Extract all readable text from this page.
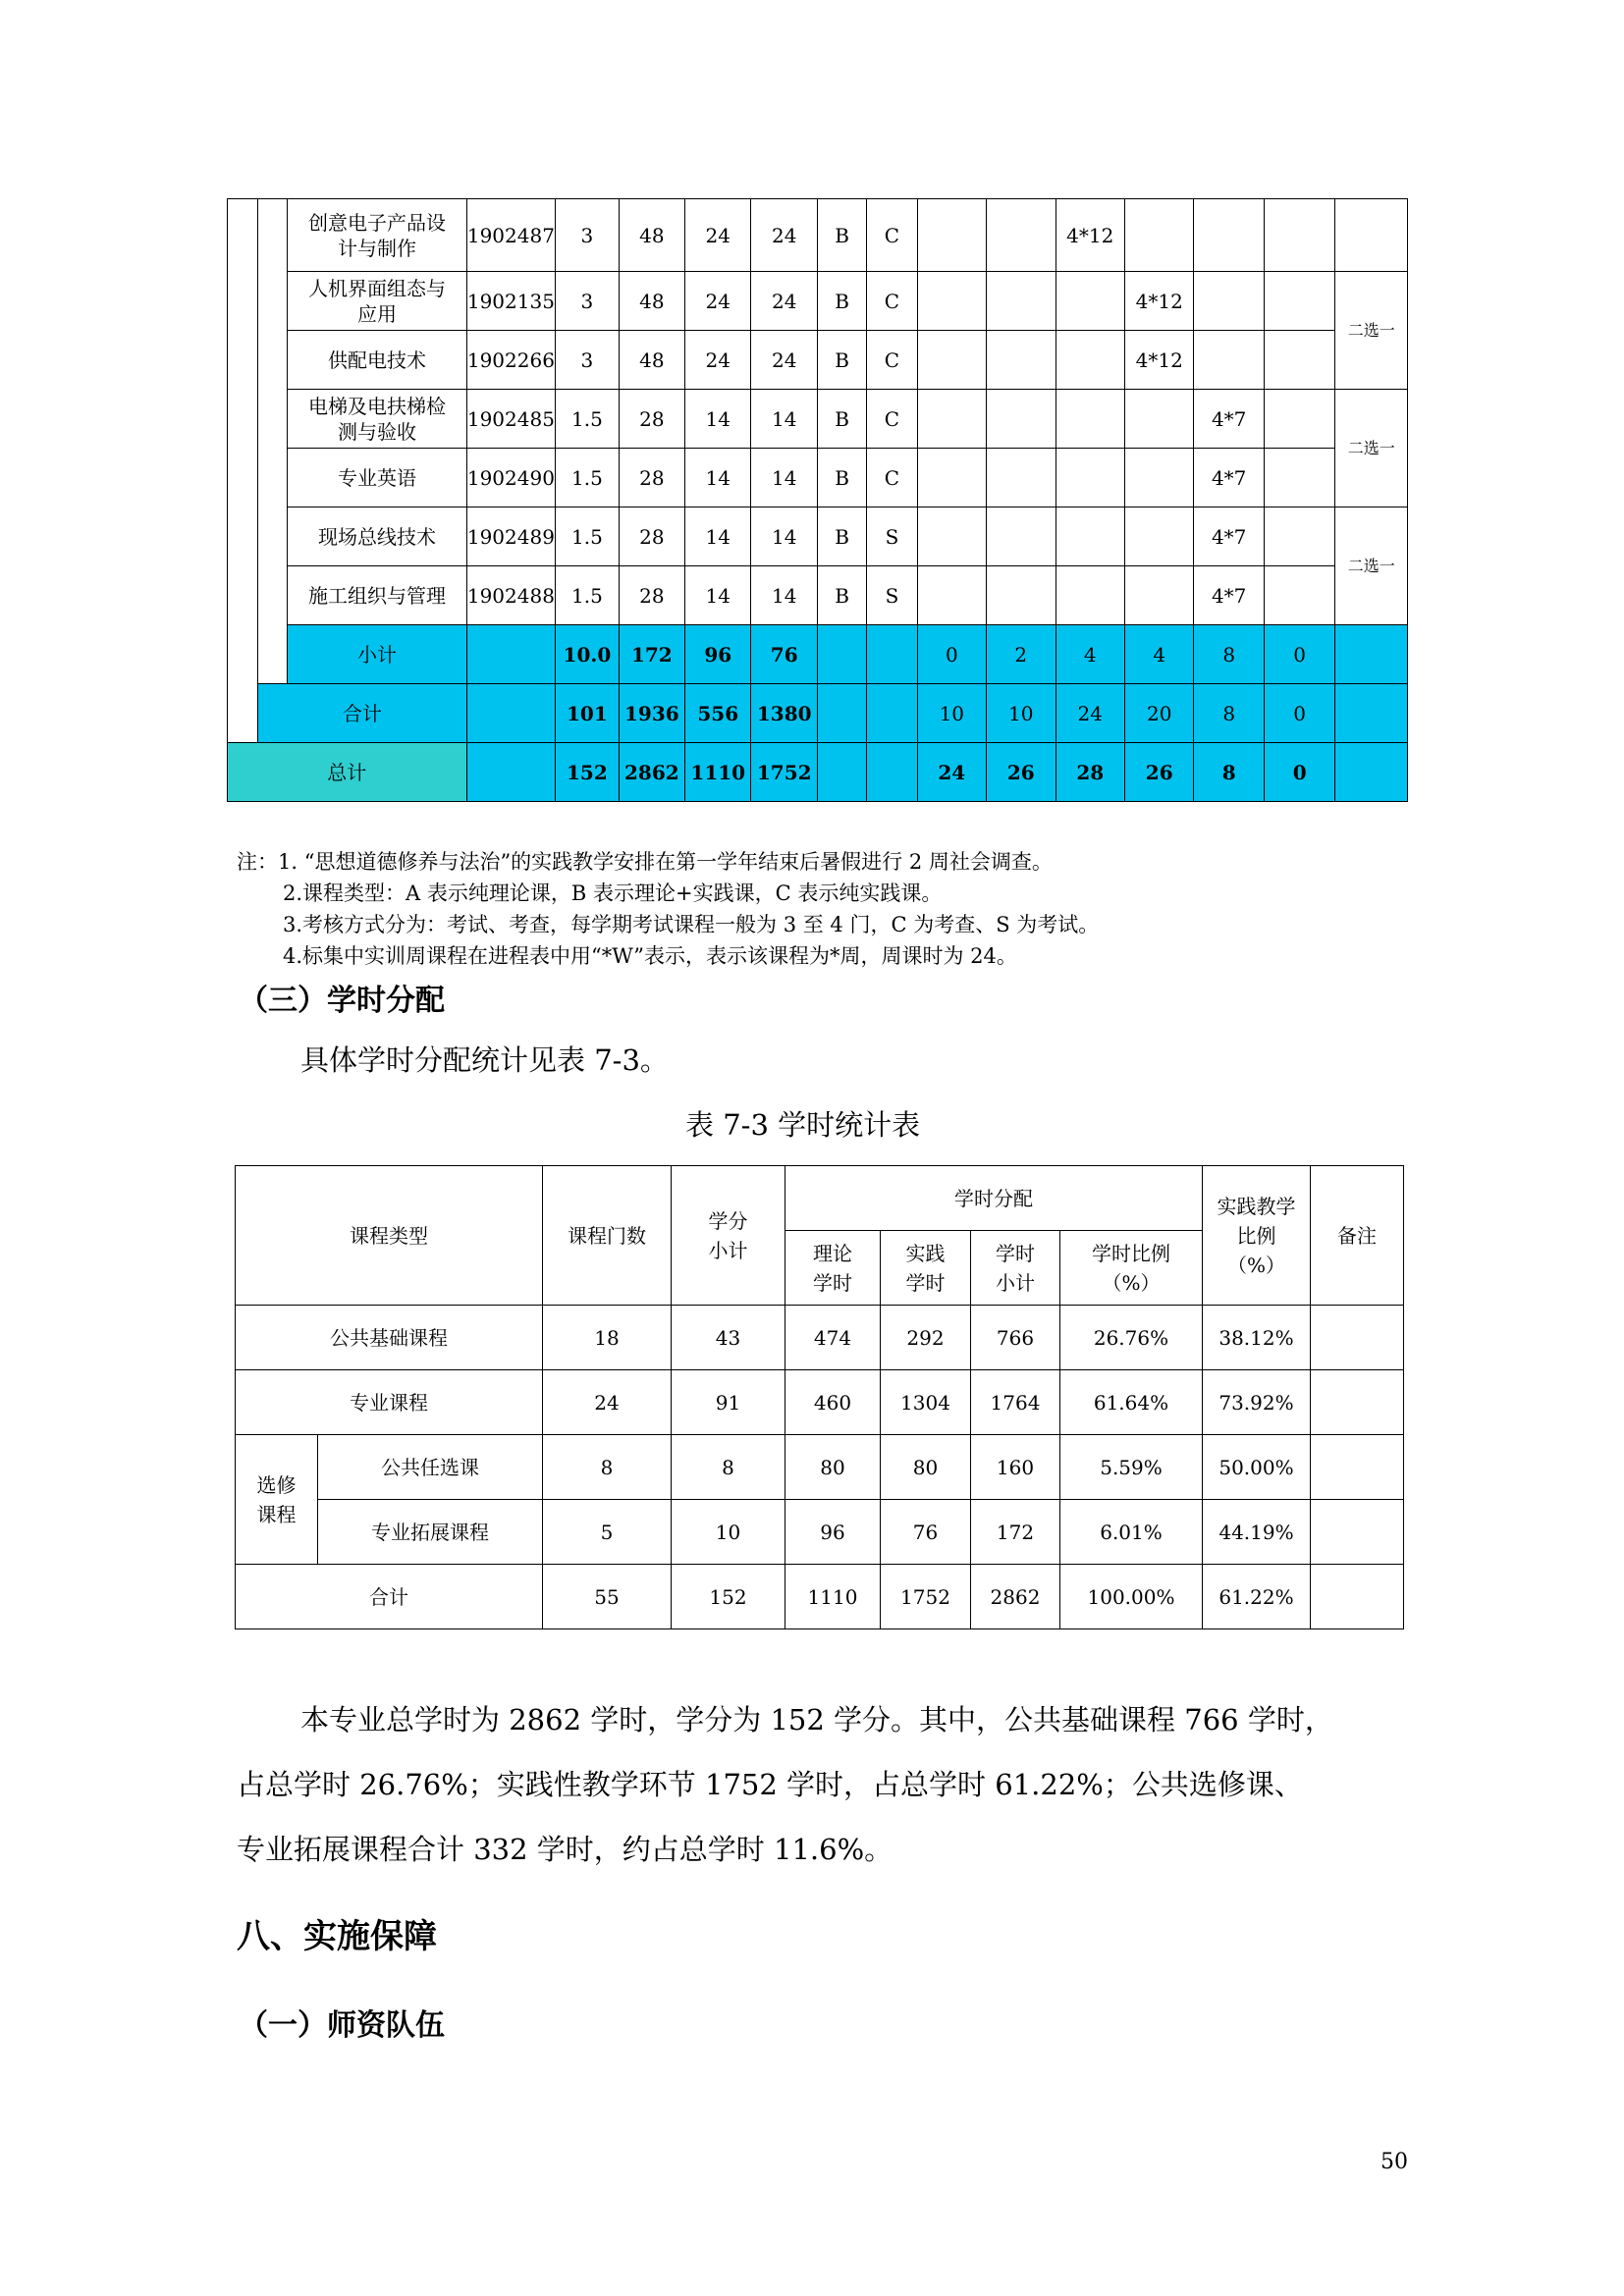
		创意电子产品设计与制作	1902487	3	48	24	24	B	C			4*12				
		人机界面组态与应用	1902135	3	48	24	24	B	C				4*12			二选一
		供配电技术	1902266	3	48	24	24	B	C				4*12			
		电梯及电扶梯检测与验收	1902485	1.5	28	14	14	B	C					4*7		二选一
		专业英语	1902490	1.5	28	14	14	B	C					4*7		
		现场总线技术	1902489	1.5	28	14	14	B	S					4*7		二选一
		施工组织与管理	1902488	1.5	28	14	14	B	S					4*7		
		小计		10.0	172	96	76			0	2	4	4	8	0	
	合计			101	1936	556	1380			10	10	24	20	8	0	
总计				152	2862	1110	1752			24	26	28	26	8	0	
注：1. “思想道德修养与法治”的实践教学安排在第一学年结束后暑假进行 2 周社会调查。
2.课程类型：A 表示纯理论课，B 表示理论+实践课，C 表示纯实践课。
3.考核方式分为：考试、考查，每学期考试课程一般为 3 至 4 门，C 为考查、S 为考试。
4.标集中实训周课程在进程表中用“*W”表示，表示该课程为*周，周课时为 24。
（三）学时分配
具体学时分配统计见表 7-3。
表 7-3 学时统计表
课程类型		课程门数	学分小计	学时分配				实践教学比例（%）	备注
				理论学时	实践学时	学时小计	学时比例（%）		
公共基础课程		18	43	474	292	766	26.76%	38.12%	
专业课程		24	91	460	1304	1764	61.64%	73.92%	
选修课程	公共任选课	8	8	80	80	160	5.59%	50.00%	
	专业拓展课程	5	10	96	76	172	6.01%	44.19%	
合计		55	152	1110	1752	2862	100.00%	61.22%	
本专业总学时为 2862 学时，学分为 152 学分。其中，公共基础课程 766 学时，
占总学时 26.76%；实践性教学环节 1752 学时，占总学时 61.22%；公共选修课、
专业拓展课程合计 332 学时，约占总学时 11.6%。
八、实施保障
（一）师资队伍
50
